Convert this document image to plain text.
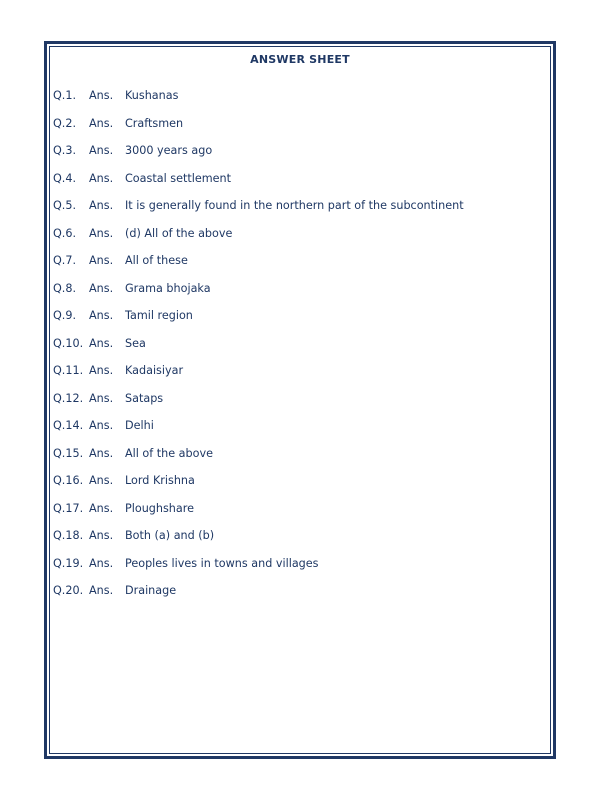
ANSWER SHEET
Q.1.	Ans.	Kushanas
Q.2.	Ans.	Craftsmen
Q.3.	Ans.	3000 years ago
Q.4.	Ans.	Coastal settlement
Q.5.	Ans.	It is generally found in the northern part of the subcontinent
Q.6.	Ans.	(d) All of the above
Q.7.	Ans.	All of these
Q.8.	Ans.	Grama bhojaka
Q.9.	Ans.	Tamil region
Q.10. Ans.	Sea
Q.11. Ans.	Kadaisiyar
Q.12. Ans.	Sataps
Q.14. Ans.	Delhi
Q.15. Ans.	All of the above
Q.16. Ans.	Lord Krishna
Q.17. Ans.	Ploughshare
Q.18. Ans.	Both (a) and (b)
Q.19. Ans.	Peoples lives in towns and villages
Q.20. Ans.	Drainage
